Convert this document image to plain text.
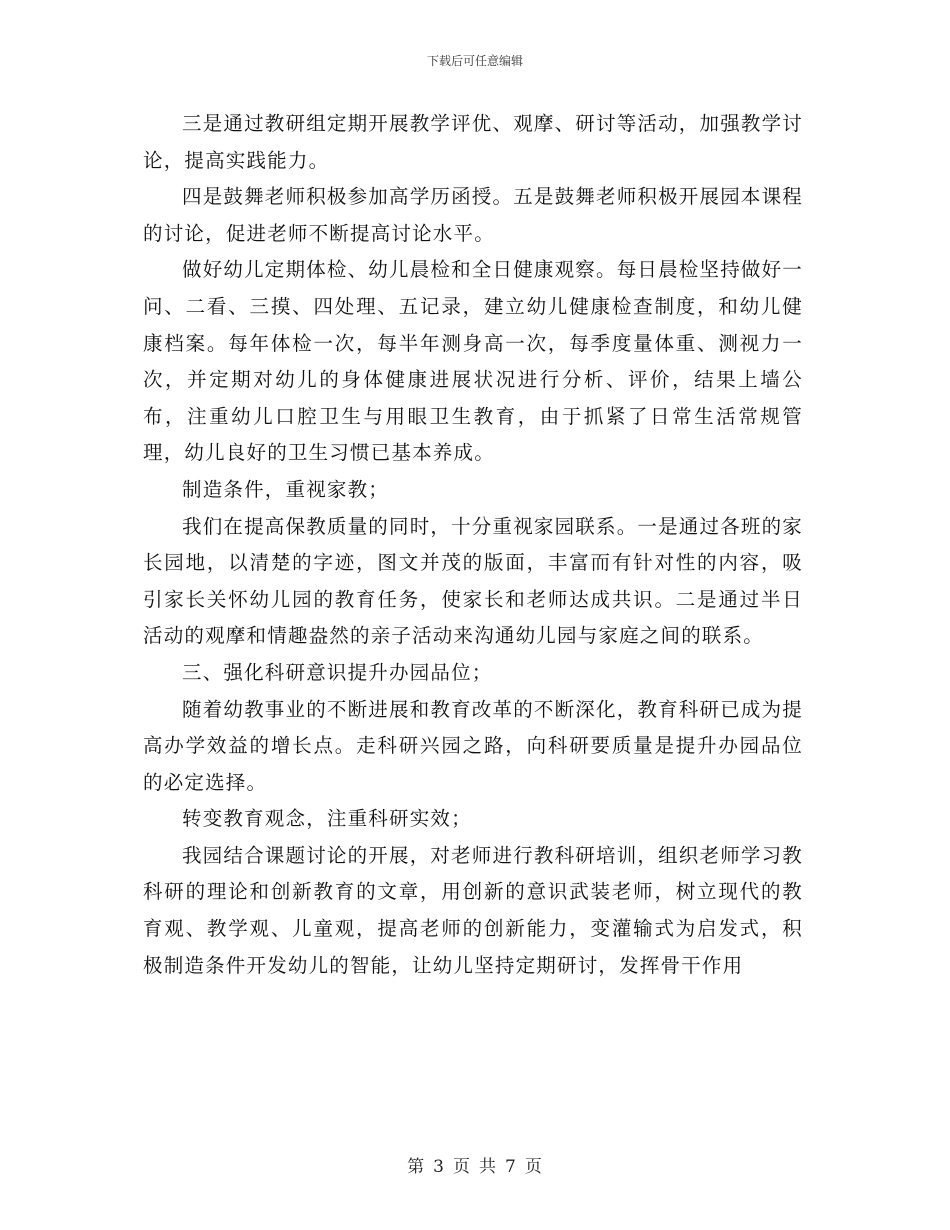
下载后可任意编辑

三是通过教研组定期开展教学评优、观摩、研讨等活动，加强教学讨论，提高实践能力。

四是鼓舞老师积极参加高学历函授。五是鼓舞老师积极开展园本课程的讨论，促进老师不断提高讨论水平。

做好幼儿定期体检、幼儿晨检和全日健康观察。每日晨检坚持做好一问、二看、三摸、四处理、五记录，建立幼儿健康检查制度，和幼儿健康档案。每年体检一次，每半年测身高一次，每季度量体重、测视力一次，并定期对幼儿的身体健康进展状况进行分析、评价，结果上墙公布，注重幼儿口腔卫生与用眼卫生教育，由于抓紧了日常生活常规管理，幼儿良好的卫生习惯已基本养成。

制造条件，重视家教；

我们在提高保教质量的同时，十分重视家园联系。一是通过各班的家长园地，以清楚的字迹，图文并茂的版面，丰富而有针对性的内容，吸引家长关怀幼儿园的教育任务，使家长和老师达成共识。二是通过半日活动的观摩和情趣盎然的亲子活动来沟通幼儿园与家庭之间的联系。

三、强化科研意识提升办园品位；

随着幼教事业的不断进展和教育改革的不断深化，教育科研已成为提高办学效益的增长点。走科研兴园之路，向科研要质量是提升办园品位的必定选择。

转变教育观念，注重科研实效；

我园结合课题讨论的开展，对老师进行教科研培训，组织老师学习教科研的理论和创新教育的文章，用创新的意识武装老师，树立现代的教育观、教学观、儿童观，提高老师的创新能力，变灌输式为启发式，积极制造条件开发幼儿的智能，让幼儿坚持定期研讨，发挥骨干作用

第 3 页 共 7 页
